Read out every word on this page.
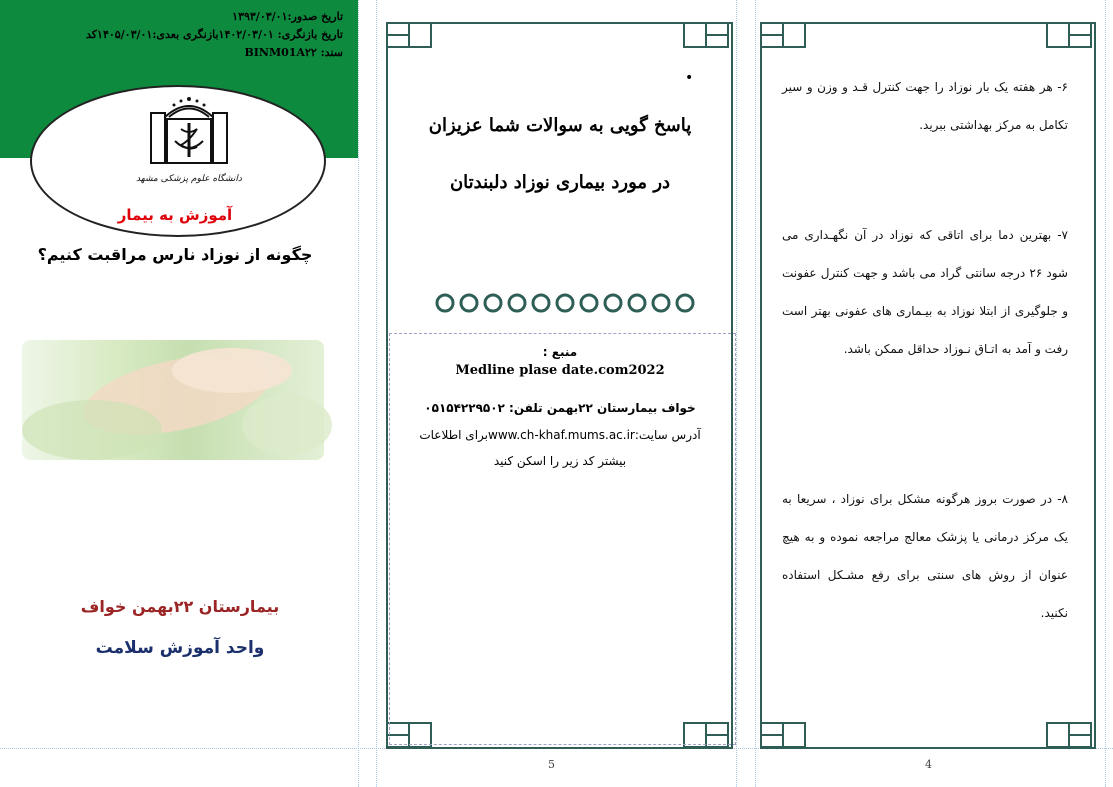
تاریخ صدور:۱۳۹۳/۰۳/۰۱
تاریخ بازنگری: ۱۴۰۲/۰۳/۰۱بازنگری بعدی:۱۴۰۵/۰۳/۰۱کد
سند: BINM01A۲۲
دانشگاه علوم پزشکی مشهد
آموزش به بیمار
چگونه از نوزاد نارس مراقبت کنیم؟
بیمارستان ۲۲بهمن خواف
واحد آموزش سلامت
•
پاسخ گویی به سوالات شما عزیزان
در مورد بیماری نوزاد دلبندتان
منبع :
Medline plase date.com2022
خواف بیمارستان ۲۲بهمن تلفن: ۰۵۱۵۴۲۲۹۵۰۲
آدرس سایت:www.ch-khaf.mums.ac.irبرای اطلاعات
بیشتر کد زیر را اسکن کنید
5
۶- هر هفته یک بار نوزاد را جهت کنترل قـد و وزن و سیر تکامل به مرکز بهداشتی ببرید.
۷- بهترین دما برای اتاقی که نوزاد در آن نگهـداری می شود ۲۶ درجه سانتی گراد می باشد و جهت کنترل عفونت و جلوگیری از ابتلا نوزاد به بیـماری های عفونی بهتر است رفت و آمد به اتـاق نـوزاد حداقل ممکن باشد.
۸- در صورت بروز هرگونه مشکل برای نوزاد ، سریعا به یک مرکز درمانی یا پزشک معالج مراجعه نموده و به هیچ عنوان از روش های سنتی برای رفع مشـکل استفاده نکنید.
4
